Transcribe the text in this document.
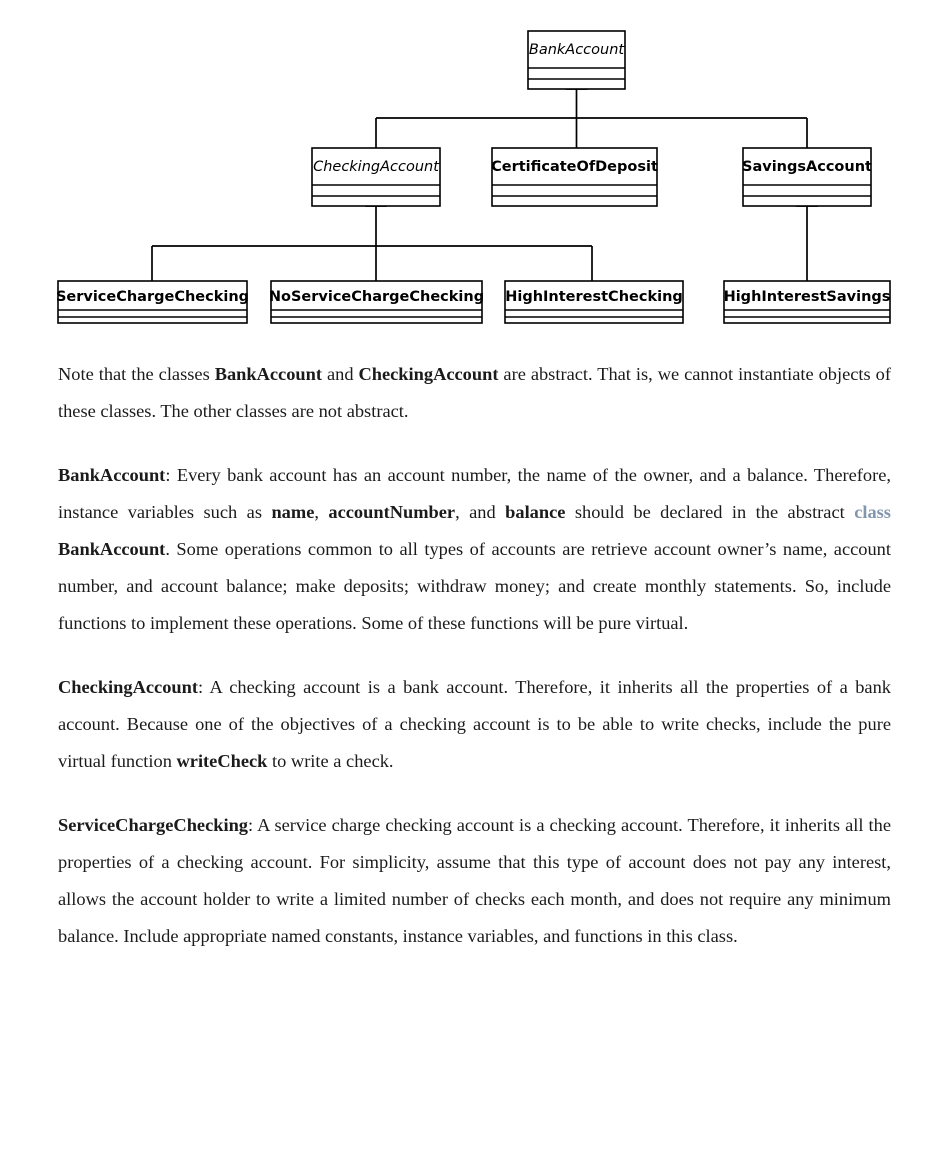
BankAccount
CheckingAccount	CertificateOfDeposit	SavingsAccount
ServiceChargeChecking NoServiceChargeChecking HighInterestChecking	HighInterestSavings

Note that the classes BankAccount and CheckingAccount are abstract. That is, we cannot instantiate objects of these classes. The other classes are not abstract.

BankAccount: Every bank account has an account number, the name of the owner, and a balance. Therefore, instance variables such as name, accountNumber, and balance should be declared in the abstract class BankAccount. Some operations common to all types of accounts are retrieve account owner’s name, account number, and account balance; make deposits; withdraw money; and create monthly statements. So, include functions to implement these operations. Some of these functions will be pure virtual.

CheckingAccount: A checking account is a bank account. Therefore, it inherits all the properties of a bank account. Because one of the objectives of a checking account is to be able to write checks, include the pure virtual function writeCheck to write a check.

ServiceChargeChecking: A service charge checking account is a checking account. Therefore, it inherits all the properties of a checking account. For simplicity, assume that this type of account does not pay any interest, allows the account holder to write a limited number of checks each month, and does not require any minimum balance. Include appropriate named constants, instance variables, and functions in this class.
